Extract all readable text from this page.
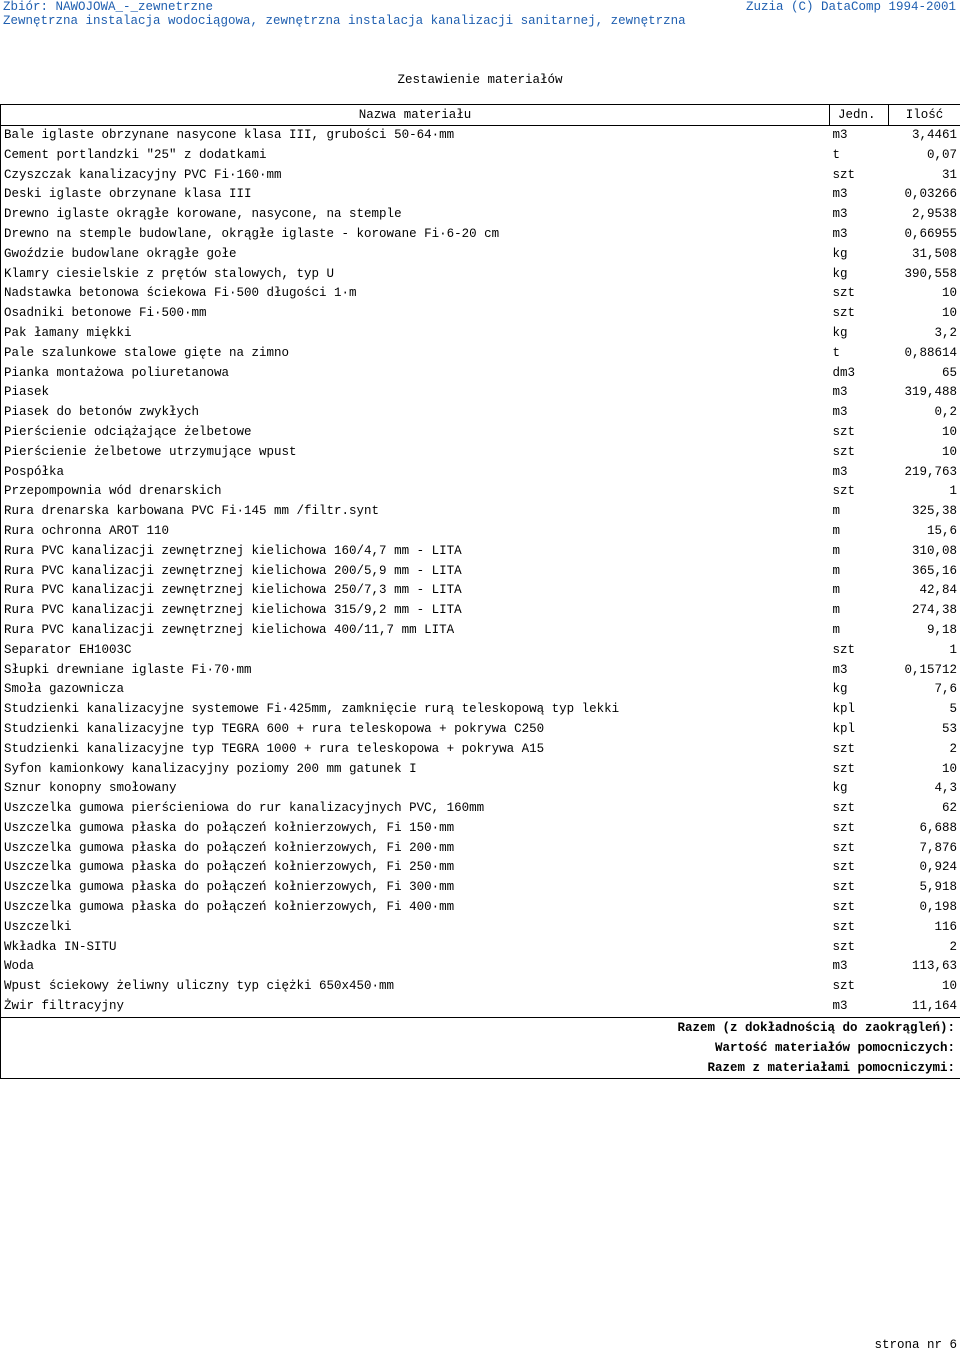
Zbiór: NAWOJOWA_-_zewnetrzne	Zuzia (C) DataComp 1994-2001
Zewnętrzna instalacja wodociągowa, zewnętrzna instalacja kanalizacji sanitarnej, zewnętrzna
Zestawienie materiałów
Nazwa materiału	Jedn.	Ilość
Bale iglaste obrzynane nasycone klasa III, grubości 50-64·mm	m3	3,4461
Cement portlandzki "25" z dodatkami	t	0,07
Czyszczak kanalizacyjny PVC Fi·160·mm	szt	31
Deski iglaste obrzynane klasa III	m3	0,03266
Drewno iglaste okrągłe korowane, nasycone, na stemple	m3	2,9538
Drewno na stemple budowlane, okrągłe iglaste - korowane Fi·6-20 cm	m3	0,66955
Gwoździe budowlane okrągłe gołe	kg	31,508
Klamry ciesielskie z prętów stalowych, typ U	kg	390,558
Nadstawka betonowa ściekowa Fi·500 długości 1·m	szt	10
Osadniki betonowe Fi·500·mm	szt	10
Pak łamany miękki	kg	3,2
Pale szalunkowe stalowe gięte na zimno	t	0,88614
Pianka montażowa poliuretanowa	dm3	65
Piasek	m3	319,488
Piasek do betonów zwykłych	m3	0,2
Pierścienie odciążające żelbetowe	szt	10
Pierścienie żelbetowe utrzymujące wpust	szt	10
Pospółka	m3	219,763
Przepompownia wód drenarskich	szt	1
Rura drenarska karbowana PVC Fi·145 mm /filtr.synt	m	325,38
Rura ochronna AROT 110	m	15,6
Rura PVC kanalizacji zewnętrznej kielichowa 160/4,7 mm - LITA	m	310,08
Rura PVC kanalizacji zewnętrznej kielichowa 200/5,9 mm - LITA	m	365,16
Rura PVC kanalizacji zewnętrznej kielichowa 250/7,3 mm - LITA	m	42,84
Rura PVC kanalizacji zewnętrznej kielichowa 315/9,2 mm - LITA	m	274,38
Rura PVC kanalizacji zewnętrznej kielichowa 400/11,7 mm LITA	m	9,18
Separator EH1003C	szt	1
Słupki drewniane iglaste Fi·70·mm	m3	0,15712
Smoła gazownicza	kg	7,6
Studzienki kanalizacyjne systemowe Fi·425mm, zamknięcie rurą teleskopową typ lekki	kpl	5
Studzienki kanalizacyjne typ TEGRA 600 + rura teleskopowa + pokrywa C250	kpl	53
Studzienki kanalizacyjne typ TEGRA 1000 + rura teleskopowa + pokrywa A15	szt	2
Syfon kamionkowy kanalizacyjny poziomy 200 mm gatunek I	szt	10
Sznur konopny smołowany	kg	4,3
Uszczelka gumowa pierścieniowa do rur kanalizacyjnych PVC, 160mm	szt	62
Uszczelka gumowa płaska do połączeń kołnierzowych, Fi 150·mm	szt	6,688
Uszczelka gumowa płaska do połączeń kołnierzowych, Fi 200·mm	szt	7,876
Uszczelka gumowa płaska do połączeń kołnierzowych, Fi 250·mm	szt	0,924
Uszczelka gumowa płaska do połączeń kołnierzowych, Fi 300·mm	szt	5,918
Uszczelka gumowa płaska do połączeń kołnierzowych, Fi 400·mm	szt	0,198
Uszczelki	szt	116
Wkładka IN-SITU	szt	2
Woda	m3	113,63
Wpust ściekowy żeliwny uliczny typ ciężki 650x450·mm	szt	10
Żwir filtracyjny	m3	11,164
Razem (z dokładnością do zaokrągleń):		
Wartość materiałów pomocniczych:		
Razem z materiałami pomocniczymi:		
strona nr 6
